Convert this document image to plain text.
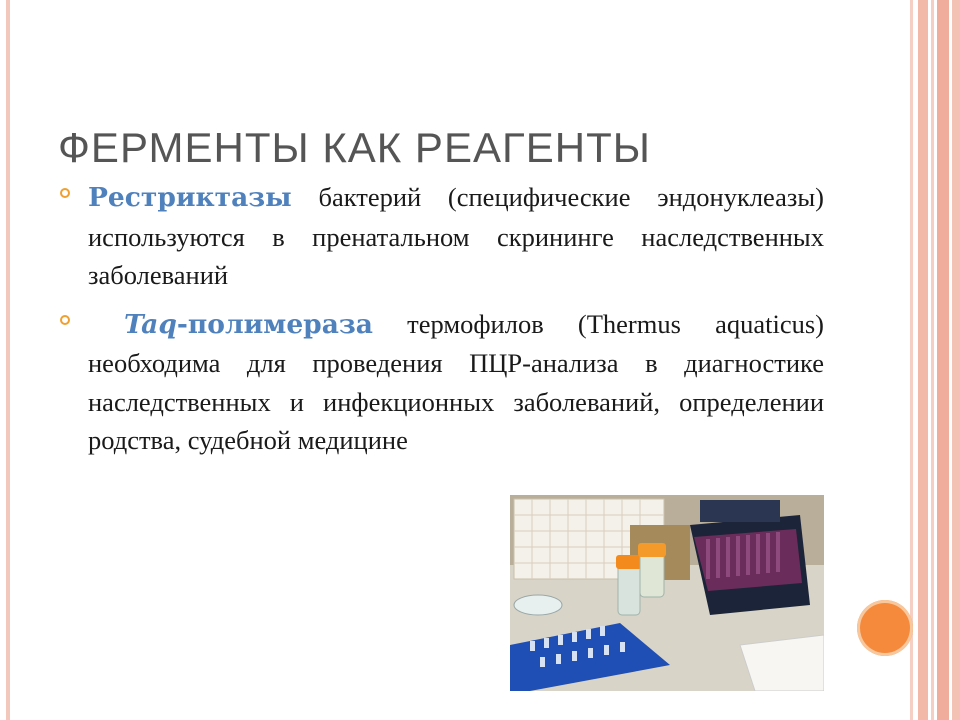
ФЕРМЕНТЫ КАК РЕАГЕНТЫ
Рестриктазы бактерий (специфические эндонуклеазы) используются в пренатальном скрининге наследственных заболеваний
Taq-полимераза термофилов (Thermus aquaticus) необходима для проведения ПЦР-анализа в диагностике наследственных и инфекционных заболеваний, определении родства, судебной медицине
